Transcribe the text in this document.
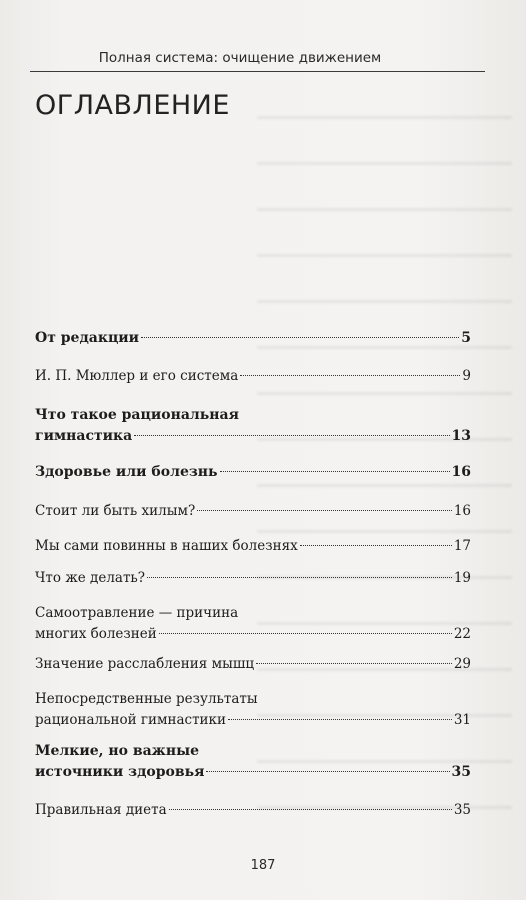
Полная система: очищение движением
ОГЛАВЛЕНИЕ
От редакции	5
И. П. Мюллер и его система	9
Что такое рациональная
гимнастика	13
Здоровье или болезнь	16
Стоит ли быть хилым?	16
Мы сами повинны в наших болезнях	17
Что же делать?	19
Самоотравление — причина
многих болезней	22
Значение расслабления мышц	29
Непосредственные результаты
рациональной гимнастики	31
Мелкие, но важные
источники здоровья	35
Правильная диета	35
187
